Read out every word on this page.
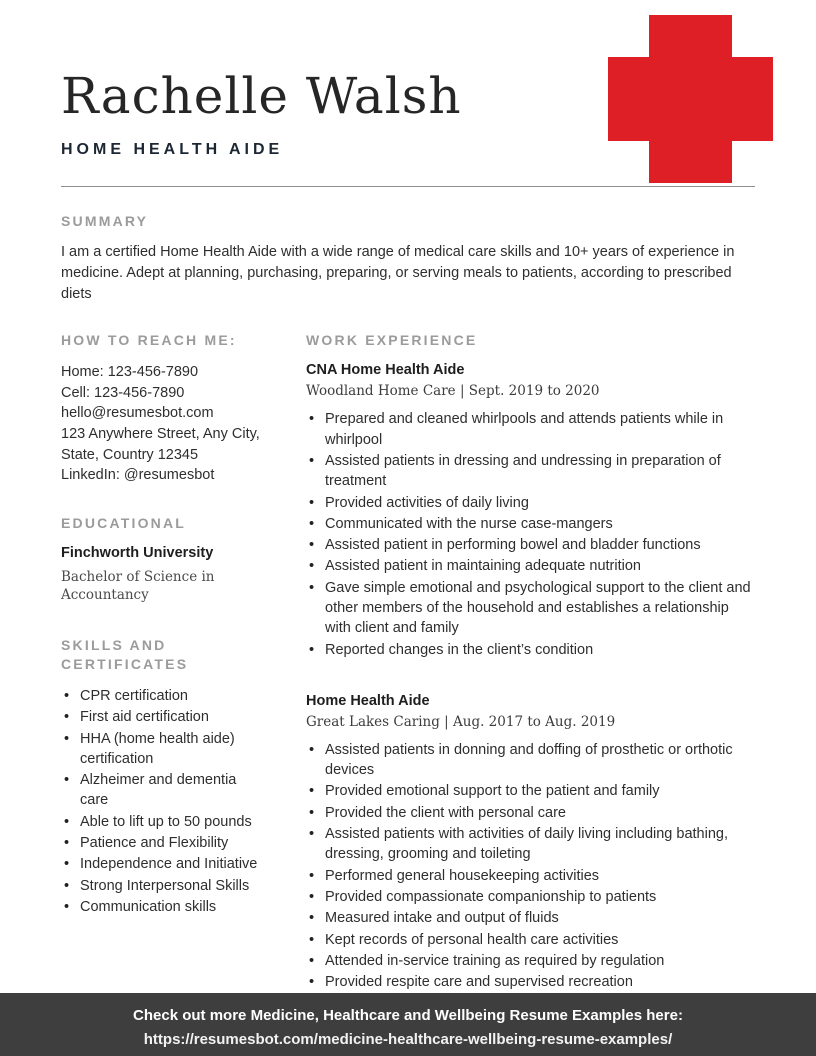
Rachelle Walsh
HOME HEALTH AIDE
SUMMARY

I am a certified Home Health Aide with a wide range of medical care skills and 10+ years of experience in medicine. Adept at planning, purchasing, preparing, or serving meals to patients, according to prescribed diets

HOW TO REACH ME:
Home: 123-456-7890
Cell: 123-456-7890
hello@resumesbot.com
123 Anywhere Street, Any City, State, Country 12345
LinkedIn: @resumesbot
EDUCATIONAL
Finchworth University
Bachelor of Science in Accountancy
SKILLS AND CERTIFICATES
• CPR certification
• First aid certification
• HHA (home health aide) certification
• Alzheimer and dementia care
• Able to lift up to 50 pounds
• Patience and Flexibility
• Independence and Initiative
• Strong Interpersonal Skills
• Communication skills
WORK EXPERIENCE
CNA Home Health Aide
Woodland Home Care | Sept. 2019 to 2020
• Prepared and cleaned whirlpools and attends patients while in whirlpool
• Assisted patients in dressing and undressing in preparation of treatment
• Provided activities of daily living
• Communicated with the nurse case-mangers
• Assisted patient in performing bowel and bladder functions
• Assisted patient in maintaining adequate nutrition
• Gave simple emotional and psychological support to the client and other members of the household and establishes a relationship with client and family
• Reported changes in the client’s condition
Home Health Aide
Great Lakes Caring | Aug. 2017 to Aug. 2019
• Assisted patients in donning and doffing of prosthetic or orthotic devices
• Provided emotional support to the patient and family
• Provided the client with personal care
• Assisted patients with activities of daily living including bathing, dressing, grooming and toileting
• Performed general housekeeping activities
• Provided compassionate companionship to patients
• Measured intake and output of fluids
• Kept records of personal health care activities
• Attended in-service training as required by regulation
• Provided respite care and supervised recreation
Check out more Medicine, Healthcare and Wellbeing Resume Examples here:
https://resumesbot.com/medicine-healthcare-wellbeing-resume-examples/
